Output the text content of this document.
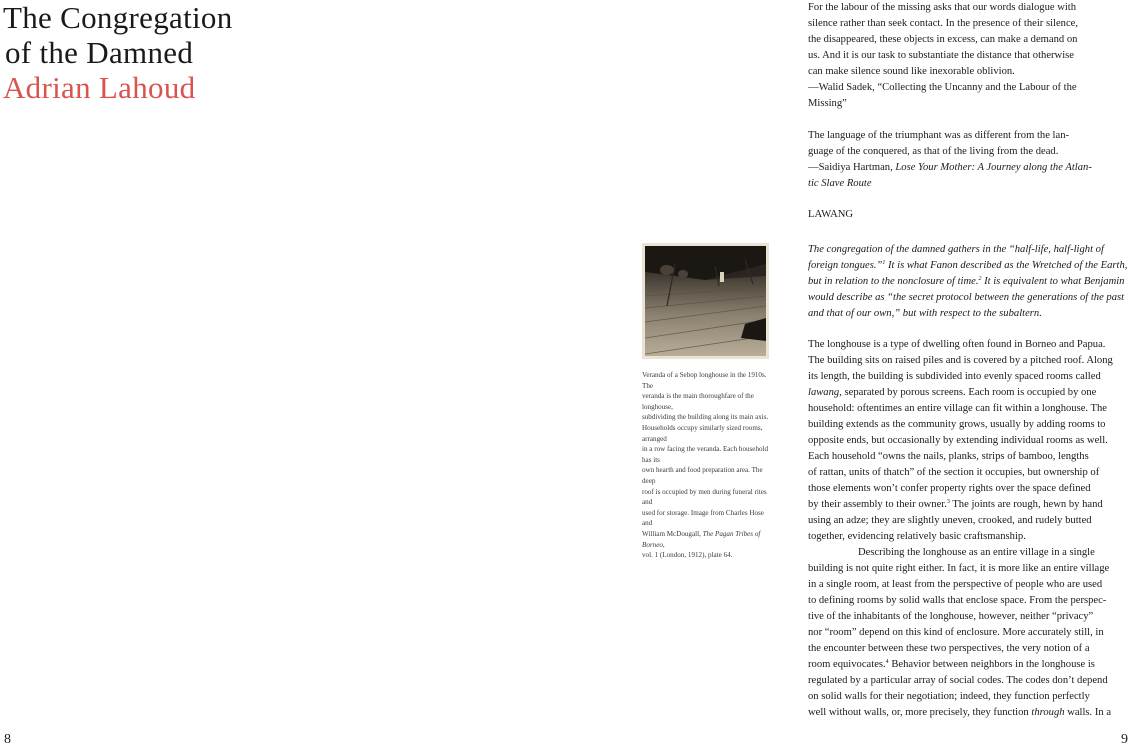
The Congregation
of the Damned
Adrian Lahoud
8	9

Veranda of a Sebop longhouse in the 1910s. The

veranda is the main thoroughfare of the longhouse,

subdividing the building along its main axis.

Households occupy similarly sized rooms, arranged

in a row facing the veranda. Each household has its

own hearth and food preparation area. The deep

roof is occupied by men during funeral rites and

used for storage. Image from Charles Hose and

William McDougall, The Pagan Tribes of Borneo,

vol. 1 (London, 1912), plate 64.

For the labour of the missing asks that our words dialogue with
silence rather than seek contact. In the presence of their silence,
the disappeared, these objects in excess, can make a demand on
us. And it is our task to substantiate the distance that otherwise
can make silence sound like inexorable oblivion.
—Walid Sadek, “Collecting the Uncanny and the Labour of the
Missing”
The language of the triumphant was as different from the lan-
guage of the conquered, as that of the living from the dead.
—Saidiya Hartman, Lose Your Mother: A Journey along the Atlan-
tic Slave Route
LAWANG
The congregation of the damned gathers in the “half-life, half-light of
foreign tongues.”$^1$ It is what Fanon described as the Wretched of the Earth,
but in relation to the nonclosure of time.$^2$ It is equivalent to what Benjamin
would describe as “the secret protocol between the generations of the past
and that of our own,” but with respect to the subaltern.
The longhouse is a type of dwelling often found in Borneo and Papua.
The building sits on raised piles and is covered by a pitched roof. Along
its length, the building is subdivided into evenly spaced rooms called
lawang, separated by porous screens. Each room is occupied by one
household: oftentimes an entire village can fit within a longhouse. The
building extends as the community grows, usually by adding rooms to
opposite ends, but occasionally by extending individual rooms as well.
Each household “owns the nails, planks, strips of bamboo, lengths
of rattan, units of thatch” of the section it occupies, but ownership of
those elements won’t confer property rights over the space defined
by their assembly to their owner.$^3$ The joints are rough, hewn by hand
using an adze; they are slightly uneven, crooked, and rudely butted
together, evidencing relatively basic craftsmanship.
Describing the longhouse as an entire village in a single
building is not quite right either. In fact, it is more like an entire village
in a single room, at least from the perspective of people who are used
to defining rooms by solid walls that enclose space. From the perspec-
tive of the inhabitants of the longhouse, however, neither “privacy”
nor “room” depend on this kind of enclosure. More accurately still, in
the encounter between these two perspectives, the very notion of a
room equivocates.$^4$ Behavior between neighbors in the longhouse is
regulated by a particular array of social codes. The codes don’t depend
on solid walls for their negotiation; indeed, they function perfectly
well without walls, or, more precisely, they function through walls. In a
